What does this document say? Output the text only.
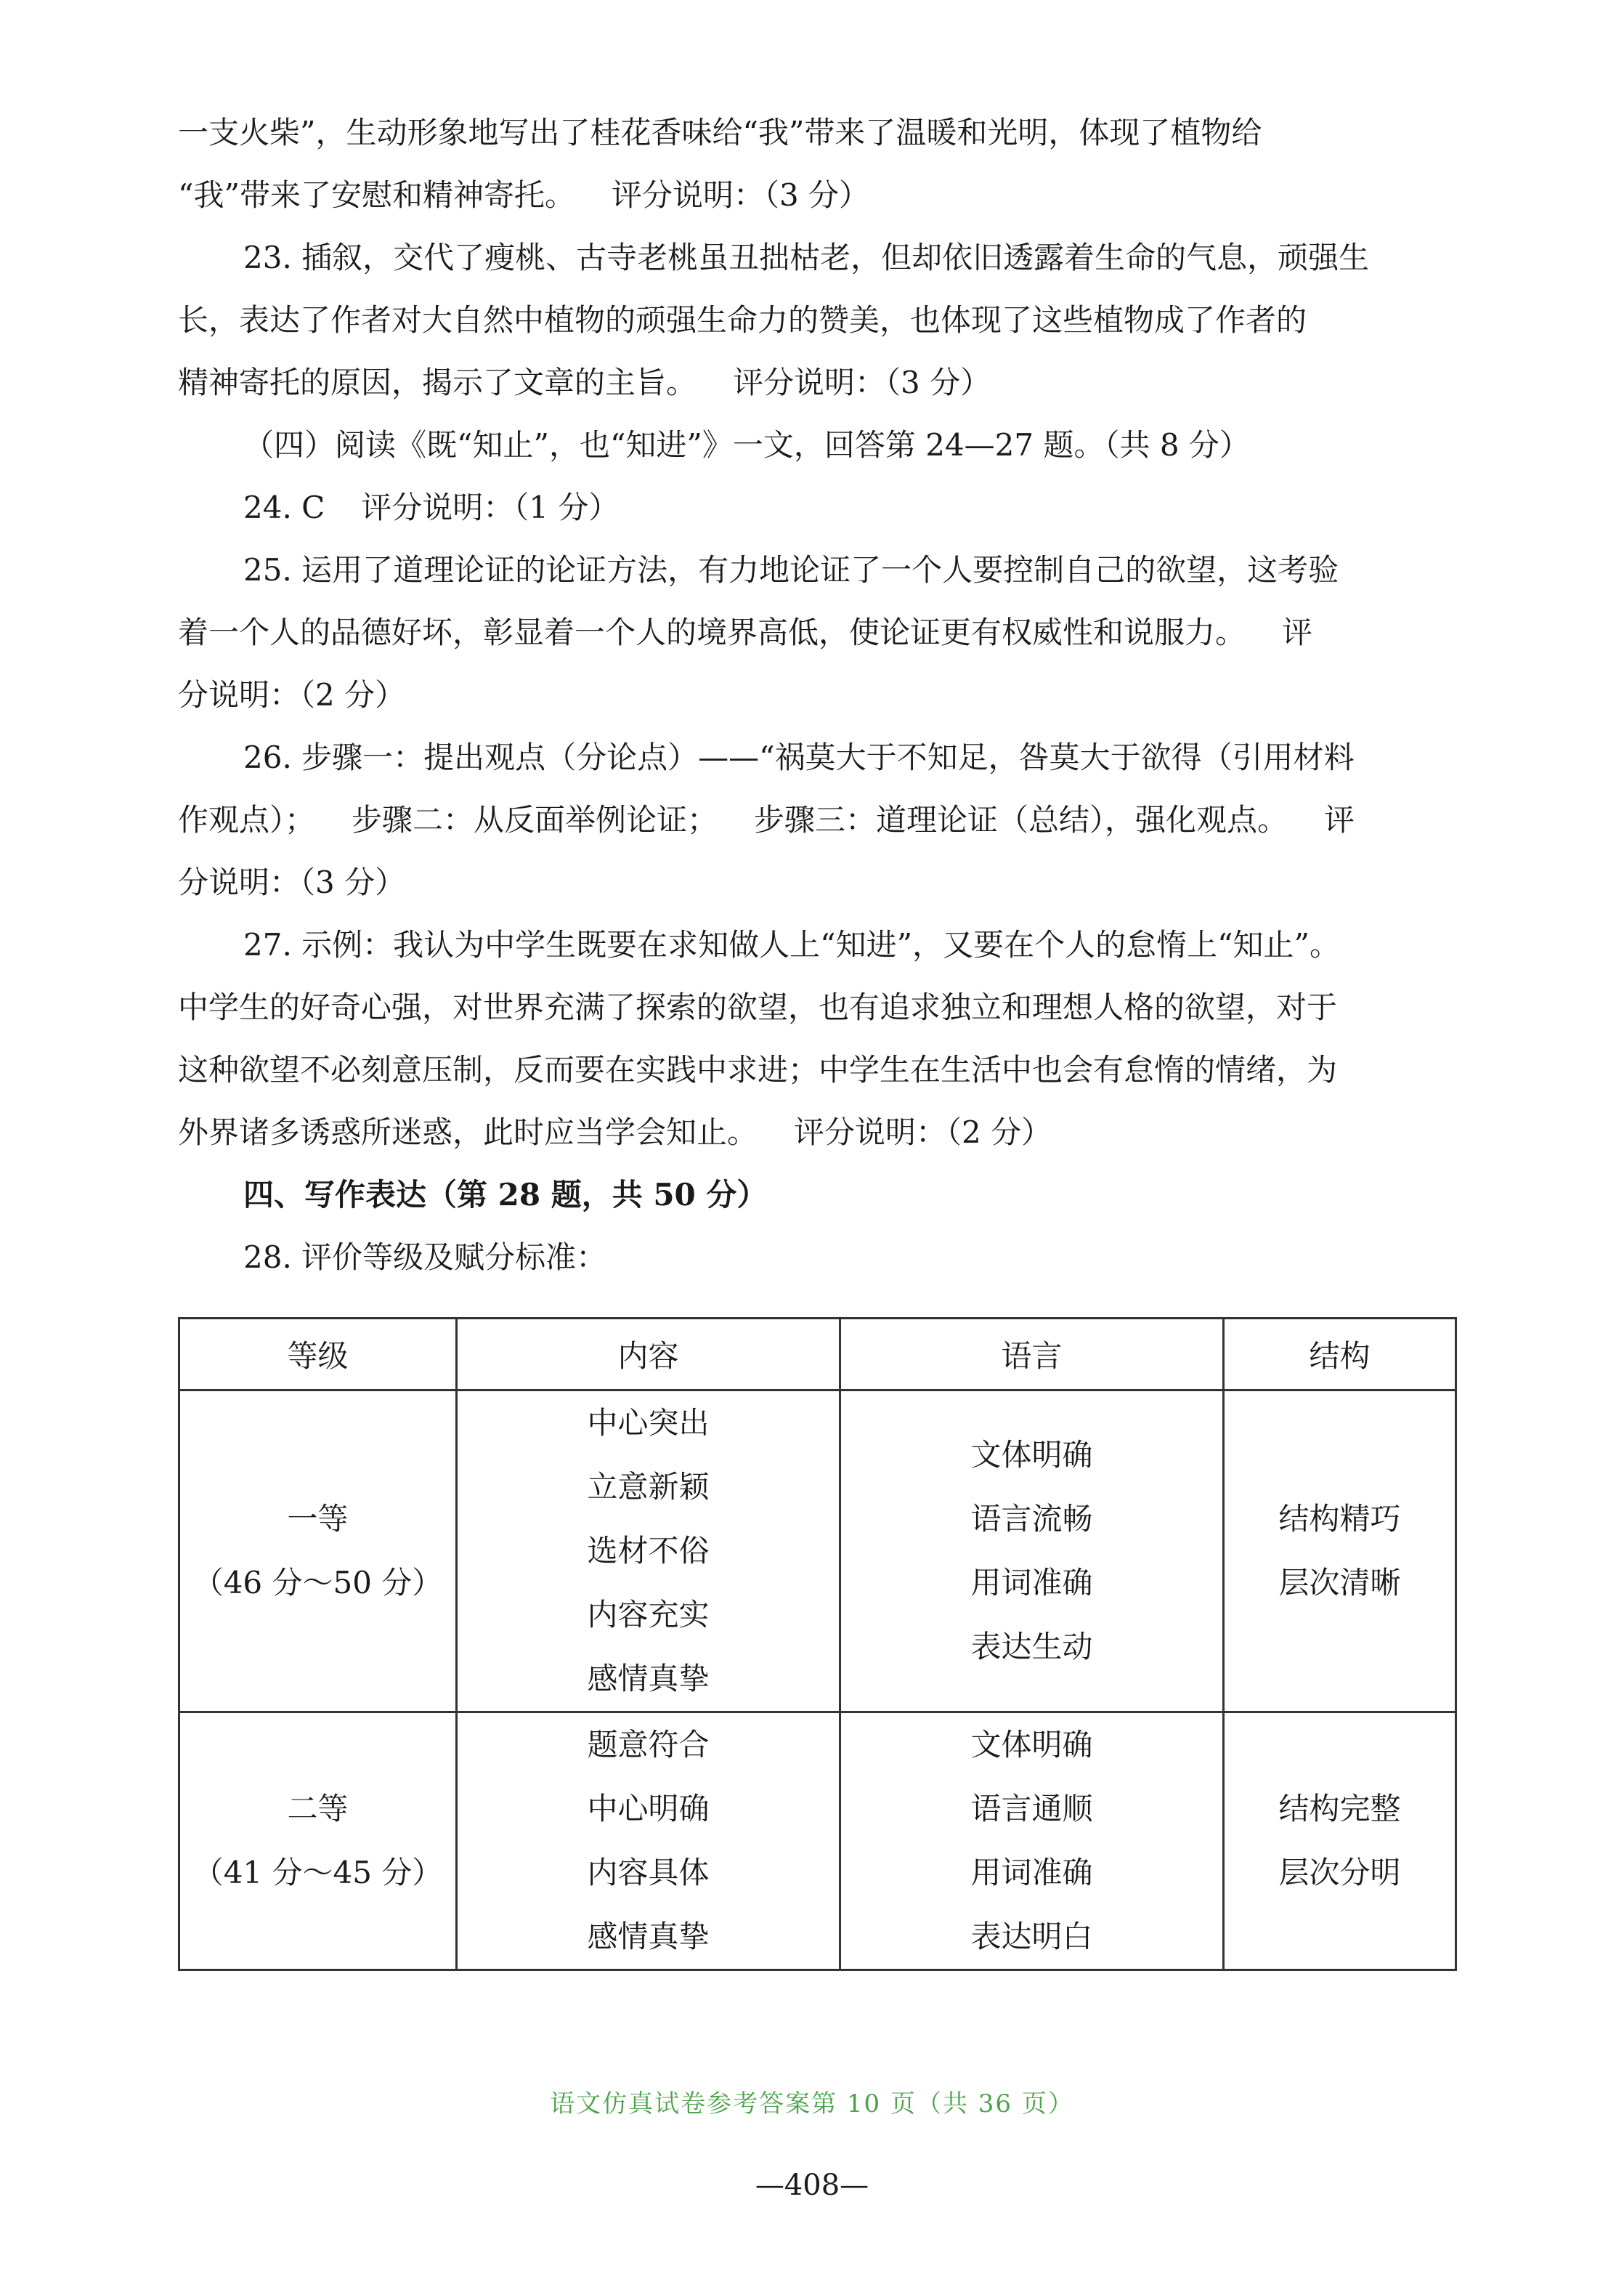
一支火柴”，生动形象地写出了桂花香味给“我”带来了温暖和光明，体现了植物给

“我”带来了安慰和精神寄托。 评分说明：（3 分）

23. 插叙，交代了瘦桃、古寺老桃虽丑拙枯老，但却依旧透露着生命的气息，顽强生

长，表达了作者对大自然中植物的顽强生命力的赞美，也体现了这些植物成了作者的

精神寄托的原因，揭示了文章的主旨。 评分说明：（3 分）

（四）阅读《既“知止”，也“知进”》一文，回答第 24—27 题。（共 8 分）

24. C 评分说明：（1 分）

25. 运用了道理论证的论证方法，有力地论证了一个人要控制自己的欲望，这考验

着一个人的品德好坏，彰显着一个人的境界高低，使论证更有权威性和说服力。 评

分说明：（2 分）

26. 步骤一：提出观点（分论点）——“祸莫大于不知足，咎莫大于欲得（引用材料

作观点）； 步骤二：从反面举例论证； 步骤三：道理论证（总结），强化观点。 评

分说明：（3 分）

27. 示例：我认为中学生既要在求知做人上“知进”，又要在个人的怠惰上“知止”。

中学生的好奇心强，对世界充满了探索的欲望，也有追求独立和理想人格的欲望，对于

这种欲望不必刻意压制，反而要在实践中求进；中学生在生活中也会有怠惰的情绪，为

外界诸多诱惑所迷惑，此时应当学会知止。 评分说明：（2 分）

四、写作表达（第 28 题，共 50 分）

28. 评价等级及赋分标准：

等级	内容	语言	结构

一等
（46 分～50 分）	中心突出
立意新颖
选材不俗
内容充实
感情真挚	文体明确
语言流畅
用词准确
表达生动	结构精巧
层次清晰

二等
（41 分～45 分）	题意符合
中心明确
内容具体
感情真挚	文体明确
语言通顺
用词准确
表达明白	结构完整
层次分明
语文仿真试卷参考答案第 10 页（共 36 页）
—408—
